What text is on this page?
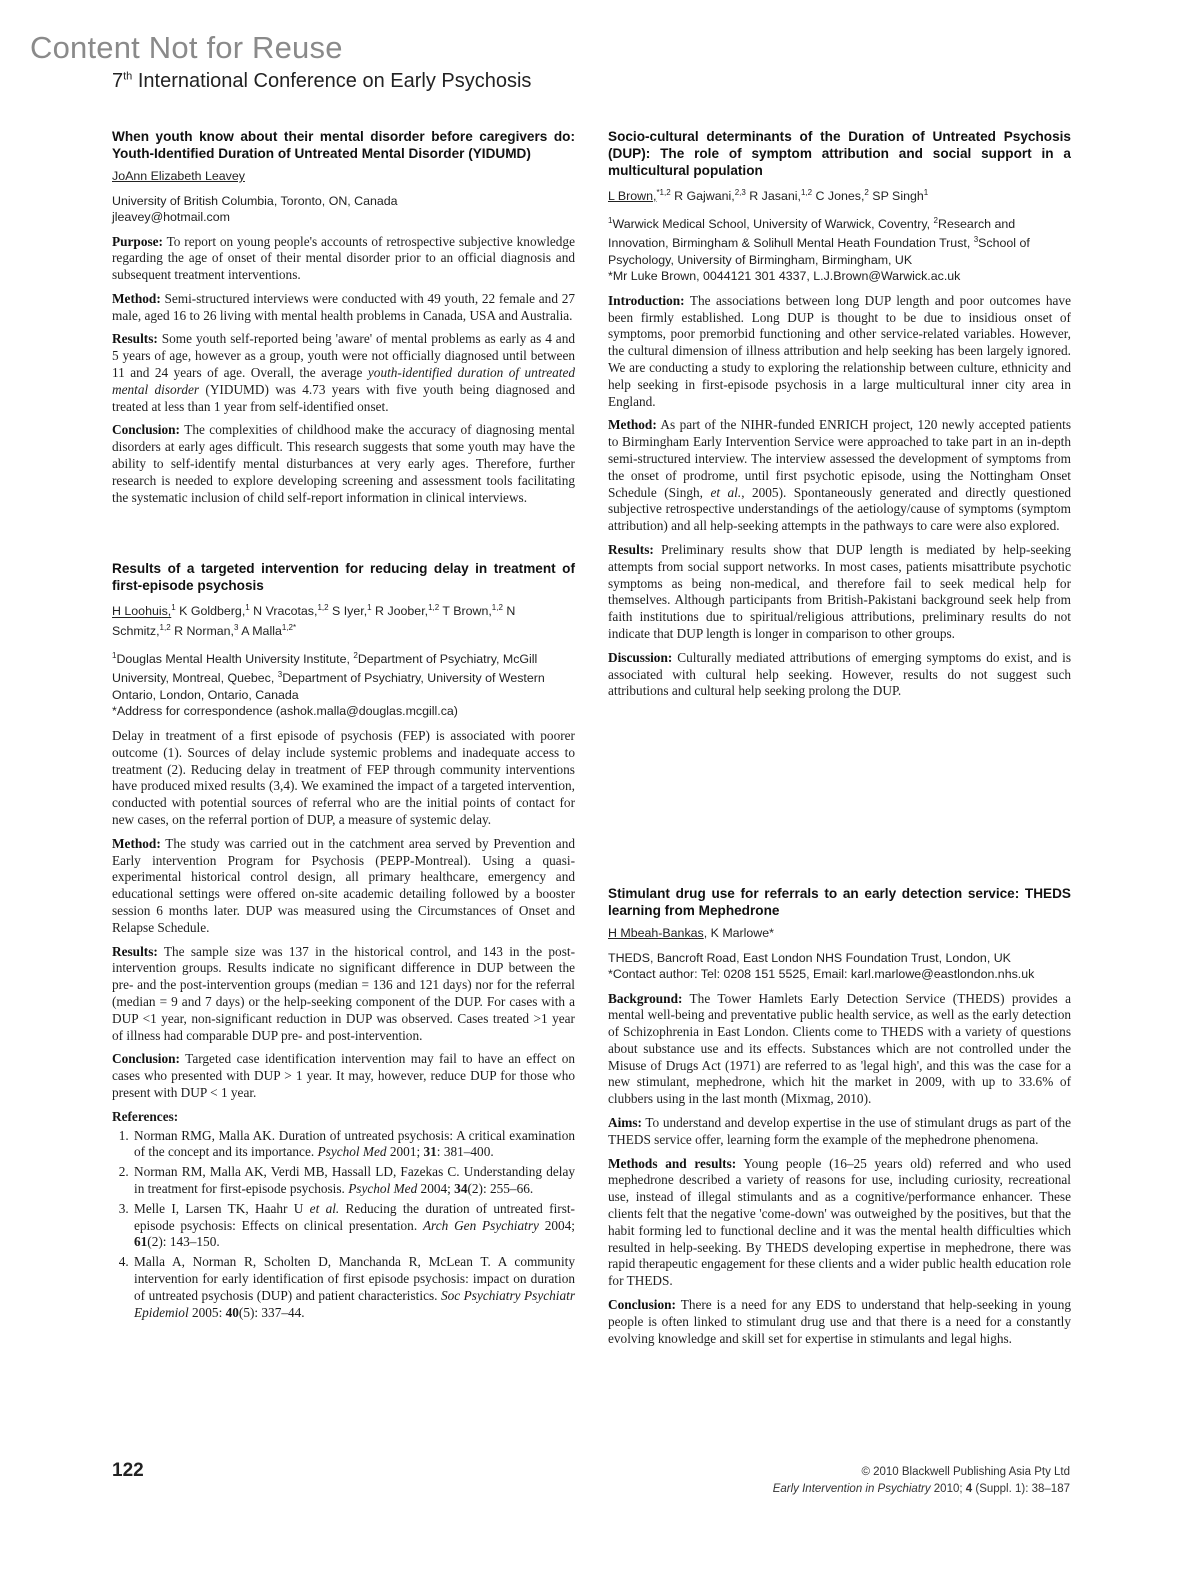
Content Not for Reuse
7th International Conference on Early Psychosis
When youth know about their mental disorder before caregivers do: Youth-Identified Duration of Untreated Mental Disorder (YIDUMD)

JoAnn Elizabeth Leavey

University of British Columbia, Toronto, ON, Canada
jleavey@hotmail.com

Purpose: To report on young people's accounts of retrospective subjective knowledge regarding the age of onset of their mental disorder prior to an official diagnosis and subsequent treatment interventions.

Method: Semi-structured interviews were conducted with 49 youth, 22 female and 27 male, aged 16 to 26 living with mental health problems in Canada, USA and Australia.

Results: Some youth self-reported being 'aware' of mental problems as early as 4 and 5 years of age, however as a group, youth were not officially diagnosed until between 11 and 24 years of age. Overall, the average youth-identified duration of untreated mental disorder (YIDUMD) was 4.73 years with five youth being diagnosed and treated at less than 1 year from self-identified onset.

Conclusion: The complexities of childhood make the accuracy of diagnosing mental disorders at early ages difficult. This research suggests that some youth may have the ability to self-identify mental disturbances at very early ages. Therefore, further research is needed to explore developing screening and assessment tools facilitating the systematic inclusion of child self-report information in clinical interviews.

Results of a targeted intervention for reducing delay in treatment of first-episode psychosis

H Loohuis,$^1$ K Goldberg,$^1$ N Vracotas,$^{1,2}$ S Iyer,$^1$ R Joober,$^{1,2}$ T Brown,$^{1,2}$ N Schmitz,$^{1,2}$ R Norman,$^3$ A Malla$^{1,2*}$

$^1$Douglas Mental Health University Institute, $^2$Department of Psychiatry, McGill University, Montreal, Quebec, $^3$Department of Psychiatry, University of Western Ontario, London, Ontario, Canada
*Address for correspondence (ashok.malla@douglas.mcgill.ca)

Delay in treatment of a first episode of psychosis (FEP) is associated with poorer outcome (1). Sources of delay include systemic problems and inadequate access to treatment (2). Reducing delay in treatment of FEP through community interventions have produced mixed results (3,4). We examined the impact of a targeted intervention, conducted with potential sources of referral who are the initial points of contact for new cases, on the referral portion of DUP, a measure of systemic delay.

Method: The study was carried out in the catchment area served by Prevention and Early intervention Program for Psychosis (PEPP-Montreal). Using a quasi-experimental historical control design, all primary healthcare, emergency and educational settings were offered on-site academic detailing followed by a booster session 6 months later. DUP was measured using the Circumstances of Onset and Relapse Schedule.

Results: The sample size was 137 in the historical control, and 143 in the post-intervention groups. Results indicate no significant difference in DUP between the pre- and the post-intervention groups (median = 136 and 121 days) nor for the referral (median = 9 and 7 days) or the help-seeking component of the DUP. For cases with a DUP <1 year, non-significant reduction in DUP was observed. Cases treated >1 year of illness had comparable DUP pre- and post-intervention.

Conclusion: Targeted case identification intervention may fail to have an effect on cases who presented with DUP > 1 year. It may, however, reduce DUP for those who present with DUP < 1 year.

References:

1. Norman RMG, Malla AK. Duration of untreated psychosis: A critical examination of the concept and its importance. Psychol Med 2001; 31: 381–400.
2. Norman RM, Malla AK, Verdi MB, Hassall LD, Fazekas C. Understanding delay in treatment for first-episode psychosis. Psychol Med 2004; 34(2): 255–66.
3. Melle I, Larsen TK, Haahr U et al. Reducing the duration of untreated first-episode psychosis: Effects on clinical presentation. Arch Gen Psychiatry 2004; 61(2): 143–150.
4. Malla A, Norman R, Scholten D, Manchanda R, McLean T. A community intervention for early identification of first episode psychosis: impact on duration of untreated psychosis (DUP) and patient characteristics. Soc Psychiatry Psychiatr Epidemiol 2005: 40(5): 337–44.
Socio-cultural determinants of the Duration of Untreated Psychosis (DUP): The role of symptom attribution and social support in a multicultural population

L Brown,$^{*1,2}$ R Gajwani,$^{2,3}$ R Jasani,$^{1,2}$ C Jones,$^2$ SP Singh$^1$

$^1$Warwick Medical School, University of Warwick, Coventry, $^2$Research and Innovation, Birmingham & Solihull Mental Heath Foundation Trust, $^3$School of Psychology, University of Birmingham, Birmingham, UK
*Mr Luke Brown, 0044121 301 4337, L.J.Brown@Warwick.ac.uk

Introduction: The associations between long DUP length and poor outcomes have been firmly established. Long DUP is thought to be due to insidious onset of symptoms, poor premorbid functioning and other service-related variables. However, the cultural dimension of illness attribution and help seeking has been largely ignored. We are conducting a study to exploring the relationship between culture, ethnicity and help seeking in first-episode psychosis in a large multicultural inner city area in England.

Method: As part of the NIHR-funded ENRICH project, 120 newly accepted patients to Birmingham Early Intervention Service were approached to take part in an in-depth semi-structured interview. The interview assessed the development of symptoms from the onset of prodrome, until first psychotic episode, using the Nottingham Onset Schedule (Singh, et al., 2005). Spontaneously generated and directly questioned subjective retrospective understandings of the aetiology/cause of symptoms (symptom attribution) and all help-seeking attempts in the pathways to care were also explored.

Results: Preliminary results show that DUP length is mediated by help-seeking attempts from social support networks. In most cases, patients misattribute psychotic symptoms as being non-medical, and therefore fail to seek medical help for themselves. Although participants from British-Pakistani background seek help from faith institutions due to spiritual/religious attributions, preliminary results do not indicate that DUP length is longer in comparison to other groups.

Discussion: Culturally mediated attributions of emerging symptoms do exist, and is associated with cultural help seeking. However, results do not suggest such attributions and cultural help seeking prolong the DUP.

Stimulant drug use for referrals to an early detection service: THEDS learning from Mephedrone

H Mbeah-Bankas, K Marlowe*

THEDS, Bancroft Road, East London NHS Foundation Trust, London, UK
*Contact author: Tel: 0208 151 5525, Email: karl.marlowe@eastlondon.nhs.uk

Background: The Tower Hamlets Early Detection Service (THEDS) provides a mental well-being and preventative public health service, as well as the early detection of Schizophrenia in East London. Clients come to THEDS with a variety of questions about substance use and its effects. Substances which are not controlled under the Misuse of Drugs Act (1971) are referred to as 'legal high', and this was the case for a new stimulant, mephedrone, which hit the market in 2009, with up to 33.6% of clubbers using in the last month (Mixmag, 2010).

Aims: To understand and develop expertise in the use of stimulant drugs as part of the THEDS service offer, learning form the example of the mephedrone phenomena.

Methods and results: Young people (16–25 years old) referred and who used mephedrone described a variety of reasons for use, including curiosity, recreational use, instead of illegal stimulants and as a cognitive/performance enhancer. These clients felt that the negative 'come-down' was outweighed by the positives, but that the habit forming led to functional decline and it was the mental health difficulties which resulted in help-seeking. By THEDS developing expertise in mephedrone, there was rapid therapeutic engagement for these clients and a wider public health education role for THEDS.

Conclusion: There is a need for any EDS to understand that help-seeking in young people is often linked to stimulant drug use and that there is a need for a constantly evolving knowledge and skill set for expertise in stimulants and legal highs.

122	© 2010 Blackwell Publishing Asia Pty Ltd
Early Intervention in Psychiatry 2010; 4 (Suppl. 1): 38–187
